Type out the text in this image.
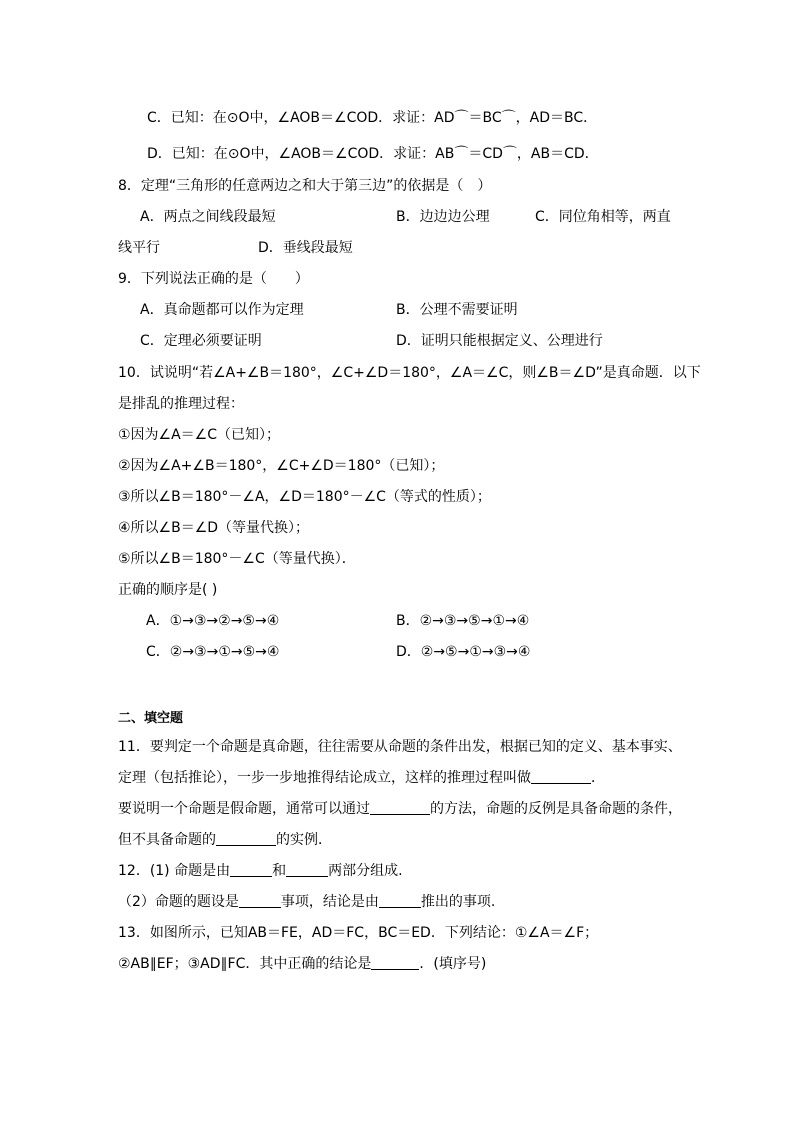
C．已知：在⊙O中，∠AOB＝∠COD．求证：AD⌒＝BC⌒，AD＝BC．
D．已知：在⊙O中，∠AOB＝∠COD．求证：AB⌒＝CD⌒，AB＝CD．
8．定理“三角形的任意两边之和大于第三边”的依据是（　）
A．两点之间线段最短	B．边边边公理	C．同位角相等，两直
线平行	D．垂线段最短
9．下列说法正确的是（　　）
A．真命题都可以作为定理	B．公理不需要证明
C．定理必须要证明	D．证明只能根据定义、公理进行
10．试说明“若∠A+∠B＝180°，∠C+∠D＝180°，∠A＝∠C，则∠B＝∠D”是真命题．以下
是排乱的推理过程：
①因为∠A＝∠C（已知）；
②因为∠A+∠B＝180°，∠C+∠D＝180°（已知）；
③所以∠B＝180°－∠A，∠D＝180°－∠C（等式的性质）；
④所以∠B＝∠D（等量代换）；
⑤所以∠B＝180°－∠C（等量代换）．
正确的顺序是( )
A．①→③→②→⑤→④	B．②→③→⑤→①→④
C．②→③→①→⑤→④	D．②→⑤→①→③→④
二、填空题
11．要判定一个命题是真命题，往往需要从命题的条件出发，根据已知的定义、基本事实、
定理（包括推论），一步一步地推得结论成立，这样的推理过程叫做	．
要说明一个命题是假命题，通常可以通过	的方法，命题的反例是具备命题的条件，
但不具备命题的	的实例．
12．(1) 命题是由	和	两部分组成.
（2）命题的题设是	事项，结论是由	推出的事项.
13．如图所示，已知AB＝FE，AD＝FC，BC＝ED．下列结论：①∠A＝∠F；
②AB∥EF；③AD∥FC．其中正确的结论是	．(填序号)
